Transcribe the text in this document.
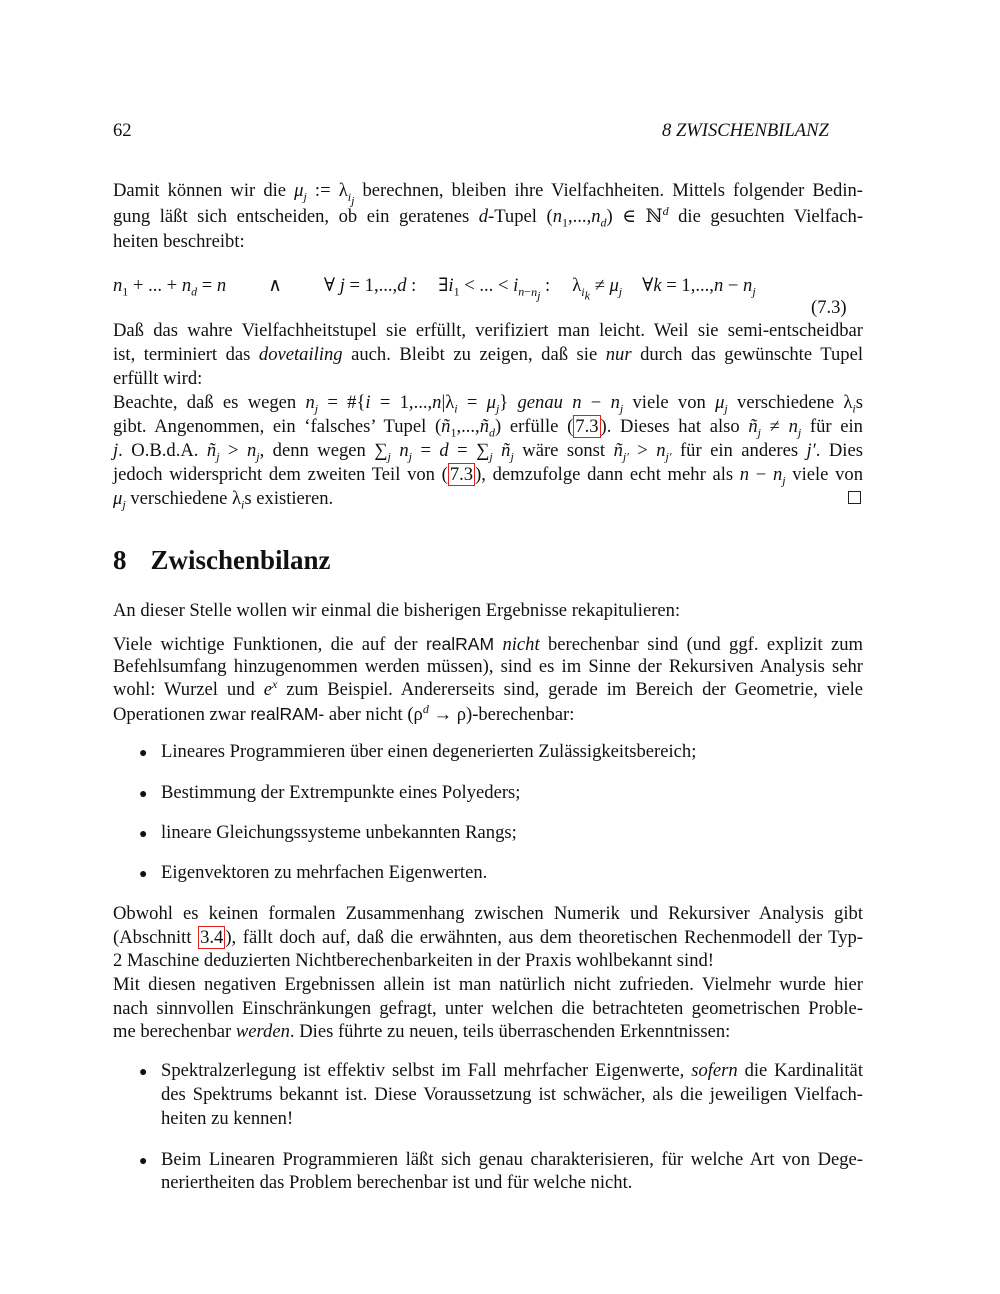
62	8 ZWISCHENBILANZ
Damit können wir die $\mu_j$ := $\lambda_{i_j}$ berechnen, bleiben ihre Vielfachheiten. Mittels folgender Bedin-
gung läßt sich entscheiden, ob ein geratenes d-Tupel $(n_1,...,n_d)$ ∈ ℕ$^d$ die gesuchten Vielfach-
heiten beschreibt:
$n_1$ + ... + $n_d = n$ ∧ ∀ j = 1,...,d : $\exists i_1$ < ... < $i_{n-n_j}$ : $\lambda_{i_k} \ne \mu_j$ ∀k = $1,...,n - n_j$
(7.3)
Daß das wahre Vielfachheitstupel sie erfüllt, verifiziert man leicht. Weil sie semi-entscheidbar
ist, terminiert das dovetailing auch. Bleibt zu zeigen, daß sie nur durch das gewünschte Tupel
erfüllt wird:
Beachte, daß es wegen $n_j$ = #{i = $1,...,n|\lambda_i = \mu_j$} genau $n - n_j$ viele von $\mu_j$ verschiedene $\lambda_is$
gibt. Angenommen, ein ‘falsches’ Tupel $(ñ_1,...,ñ_d)$ erfülle ( 7.3 ). Dieses hat also $ñ_j \ne n_j$ für ein
j. O.B.d.A. $ñ_j > n_j$, denn wegen $\sum_j$ $n_j = d = \sum_j$ $ñ_j$ wäre sonst $ñ_{j'} > n_{j'}$ für ein anderes j′. Dies
jedoch widerspricht dem zweiten Teil von ( 7.3 ), demzufolge dann echt mehr als $n - n_j$ viele von
$\mu_j$ verschiedene $\lambda_is$ existieren.
8 Zwischenbilanz
An dieser Stelle wollen wir einmal die bisherigen Ergebnisse rekapitulieren:
Viele wichtige Funktionen, die auf der realRAM nicht berechenbar sind (und ggf. explizit zum
Befehlsumfang hinzugenommen werden müssen), sind es im Sinne der Rekursiven Analysis sehr
wohl: Wurzel und $e^x$ zum Beispiel. Andererseits sind, gerade im Bereich der Geometrie, viele
Operationen zwar realRAM- aber nicht ($\rho^d$ → ρ)-berechenbar:
● Lineares Programmieren über einen degenerierten Zulässigkeitsbereich;
● Bestimmung der Extrempunkte eines Polyeders;
● lineare Gleichungssysteme unbekannten Rangs;
● Eigenvektoren zu mehrfachen Eigenwerten.
Obwohl es keinen formalen Zusammenhang zwischen Numerik und Rekursiver Analysis gibt
(Abschnitt 3.4 ), fällt doch auf, daß die erwähnten, aus dem theoretischen Rechenmodell der Typ-
2 Maschine deduzierten Nichtberechenbarkeiten in der Praxis wohlbekannt sind!
Mit diesen negativen Ergebnissen allein ist man natürlich nicht zufrieden. Vielmehr wurde hier
nach sinnvollen Einschränkungen gefragt, unter welchen die betrachteten geometrischen Proble-
me berechenbar werden. Dies führte zu neuen, teils überraschenden Erkenntnissen:
● Spektralzerlegung ist effektiv selbst im Fall mehrfacher Eigenwerte, sofern die Kardinalität
des Spektrums bekannt ist. Diese Voraussetzung ist schwächer, als die jeweiligen Vielfach-
heiten zu kennen!
● Beim Linearen Programmieren läßt sich genau charakterisieren, für welche Art von Dege-
neriertheiten das Problem berechenbar ist und für welche nicht.
